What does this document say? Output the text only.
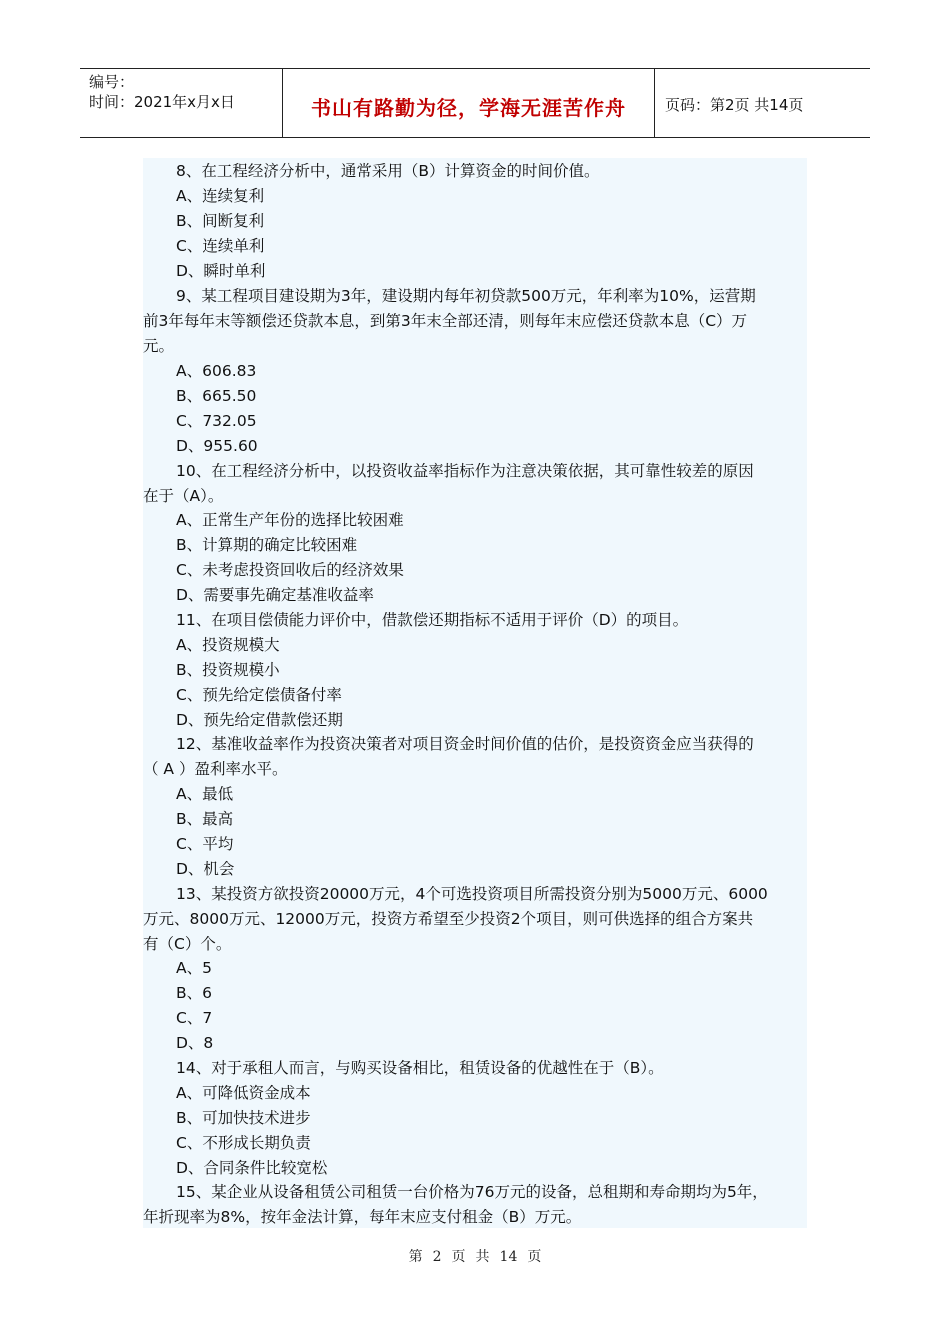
编号：
时间：2021年x月x日	书山有路勤为径，学海无涯苦作舟	页码：第2页 共14页
8、在工程经济分析中，通常采用（B）计算资金的时间价值。
A、连续复利
B、间断复利
C、连续单利
D、瞬时单利
9、某工程项目建设期为3年，建设期内每年初贷款500万元，年利率为10%，运营期
前3年每年末等额偿还贷款本息，到第3年末全部还清，则每年末应偿还贷款本息（C）万
元。
A、606.83
B、665.50
C、732.05
D、955.60
10、在工程经济分析中，以投资收益率指标作为注意决策依据，其可靠性较差的原因
在于（A）。
A、正常生产年份的选择比较困难
B、计算期的确定比较困难
C、未考虑投资回收后的经济效果
D、需要事先确定基准收益率
11、在项目偿债能力评价中，借款偿还期指标不适用于评价（D）的项目。
A、投资规模大
B、投资规模小
C、预先给定偿债备付率
D、预先给定借款偿还期
12、基准收益率作为投资决策者对项目资金时间价值的估价，是投资资金应当获得的
（ A ）盈利率水平。
A、最低
B、最高
C、平均
D、机会
13、某投资方欲投资20000万元，4个可选投资项目所需投资分别为5000万元、6000
万元、8000万元、12000万元，投资方希望至少投资2个项目，则可供选择的组合方案共
有（C）个。
A、5
B、6
C、7
D、8
14、对于承租人而言，与购买设备相比，租赁设备的优越性在于（B）。
A、可降低资金成本
B、可加快技术进步
C、不形成长期负责
D、合同条件比较宽松
15、某企业从设备租赁公司租赁一台价格为76万元的设备，总租期和寿命期均为5年，
年折现率为8%，按年金法计算，每年末应支付租金（B）万元。
第 2 页 共 14 页
